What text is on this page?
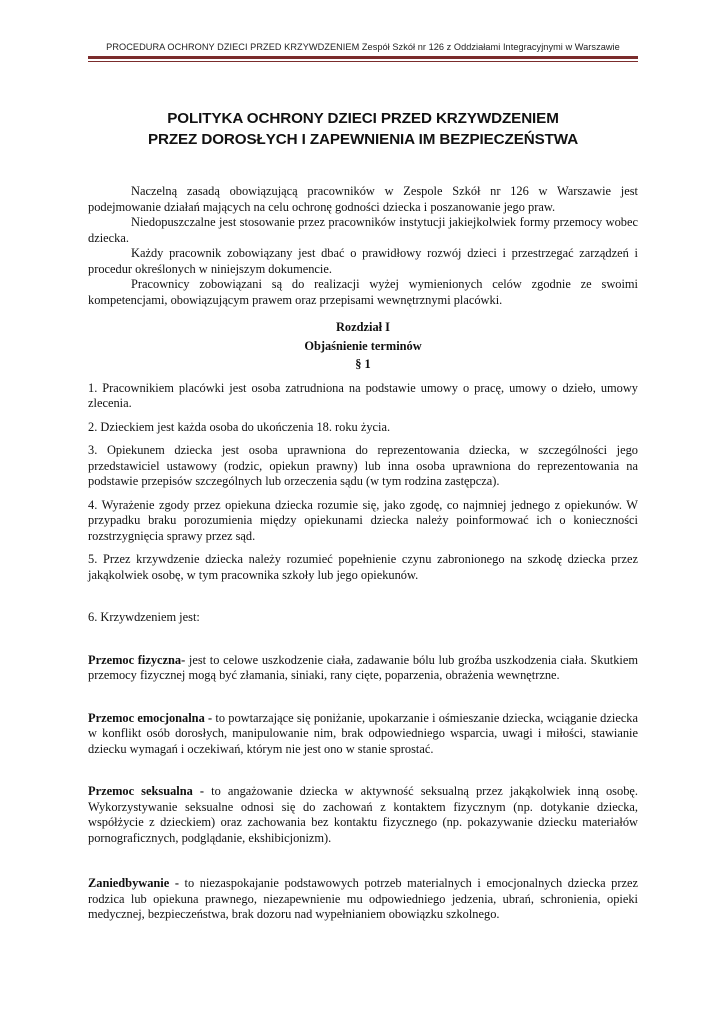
PROCEDURA OCHRONY DZIECI PRZED KRZYWDZENIEM Zespół Szkół nr 126 z Oddziałami Integracyjnymi w Warszawie
POLITYKA OCHRONY DZIECI PRZED KRZYWDZENIEM
PRZEZ DOROSŁYCH I ZAPEWNIENIA IM BEZPIECZEŃSTWA

Naczelną zasadą obowiązującą pracowników w Zespole Szkół nr 126 w Warszawie jest podejmowanie działań mających na celu ochronę godności dziecka i poszanowanie jego praw.

Niedopuszczalne jest stosowanie przez pracowników instytucji jakiejkolwiek formy przemocy wobec dziecka.

Każdy pracownik zobowiązany jest dbać o prawidłowy rozwój dzieci i przestrzegać zarządzeń i procedur określonych w niniejszym dokumencie.

Pracownicy zobowiązani są do realizacji wyżej wymienionych celów zgodnie ze swoimi kompetencjami, obowiązującym prawem oraz przepisami wewnętrznymi placówki.

Rozdział I

Objaśnienie terminów

§ 1

1. Pracownikiem placówki jest osoba zatrudniona na podstawie umowy o pracę, umowy o dzieło, umowy zlecenia.

2. Dzieckiem jest każda osoba do ukończenia 18. roku życia.

3. Opiekunem dziecka jest osoba uprawniona do reprezentowania dziecka, w szczególności jego przedstawiciel ustawowy (rodzic, opiekun prawny) lub inna osoba uprawniona do reprezentowania na podstawie przepisów szczególnych lub orzeczenia sądu (w tym rodzina zastępcza).

4. Wyrażenie zgody przez opiekuna dziecka rozumie się, jako zgodę, co najmniej jednego z opiekunów. W przypadku braku porozumienia między opiekunami dziecka należy poinformować ich o konieczności rozstrzygnięcia sprawy przez sąd.

5. Przez krzywdzenie dziecka należy rozumieć popełnienie czynu zabronionego na szkodę dziecka przez jakąkolwiek osobę, w tym pracownika szkoły lub jego opiekunów.

6. Krzywdzeniem jest:

Przemoc fizyczna- jest to celowe uszkodzenie ciała, zadawanie bólu lub groźba uszkodzenia ciała. Skutkiem przemocy fizycznej mogą być złamania, siniaki, rany cięte, poparzenia, obrażenia wewnętrzne.

Przemoc emocjonalna - to powtarzające się poniżanie, upokarzanie i ośmieszanie dziecka, wciąganie dziecka w konflikt osób dorosłych, manipulowanie nim, brak odpowiedniego wsparcia, uwagi i miłości, stawianie dziecku wymagań i oczekiwań, którym nie jest ono w stanie sprostać.

Przemoc seksualna - to angażowanie dziecka w aktywność seksualną przez jakąkolwiek inną osobę. Wykorzystywanie seksualne odnosi się do zachowań z kontaktem fizycznym (np. dotykanie dziecka, współżycie z dzieckiem) oraz zachowania bez kontaktu fizycznego (np. pokazywanie dziecku materiałów pornograficznych, podglądanie, ekshibicjonizm).

Zaniedbywanie - to niezaspokajanie podstawowych potrzeb materialnych i emocjonalnych dziecka przez rodzica lub opiekuna prawnego, niezapewnienie mu odpowiedniego jedzenia, ubrań, schronienia, opieki medycznej, bezpieczeństwa, brak dozoru nad wypełnianiem obowiązku szkolnego.
